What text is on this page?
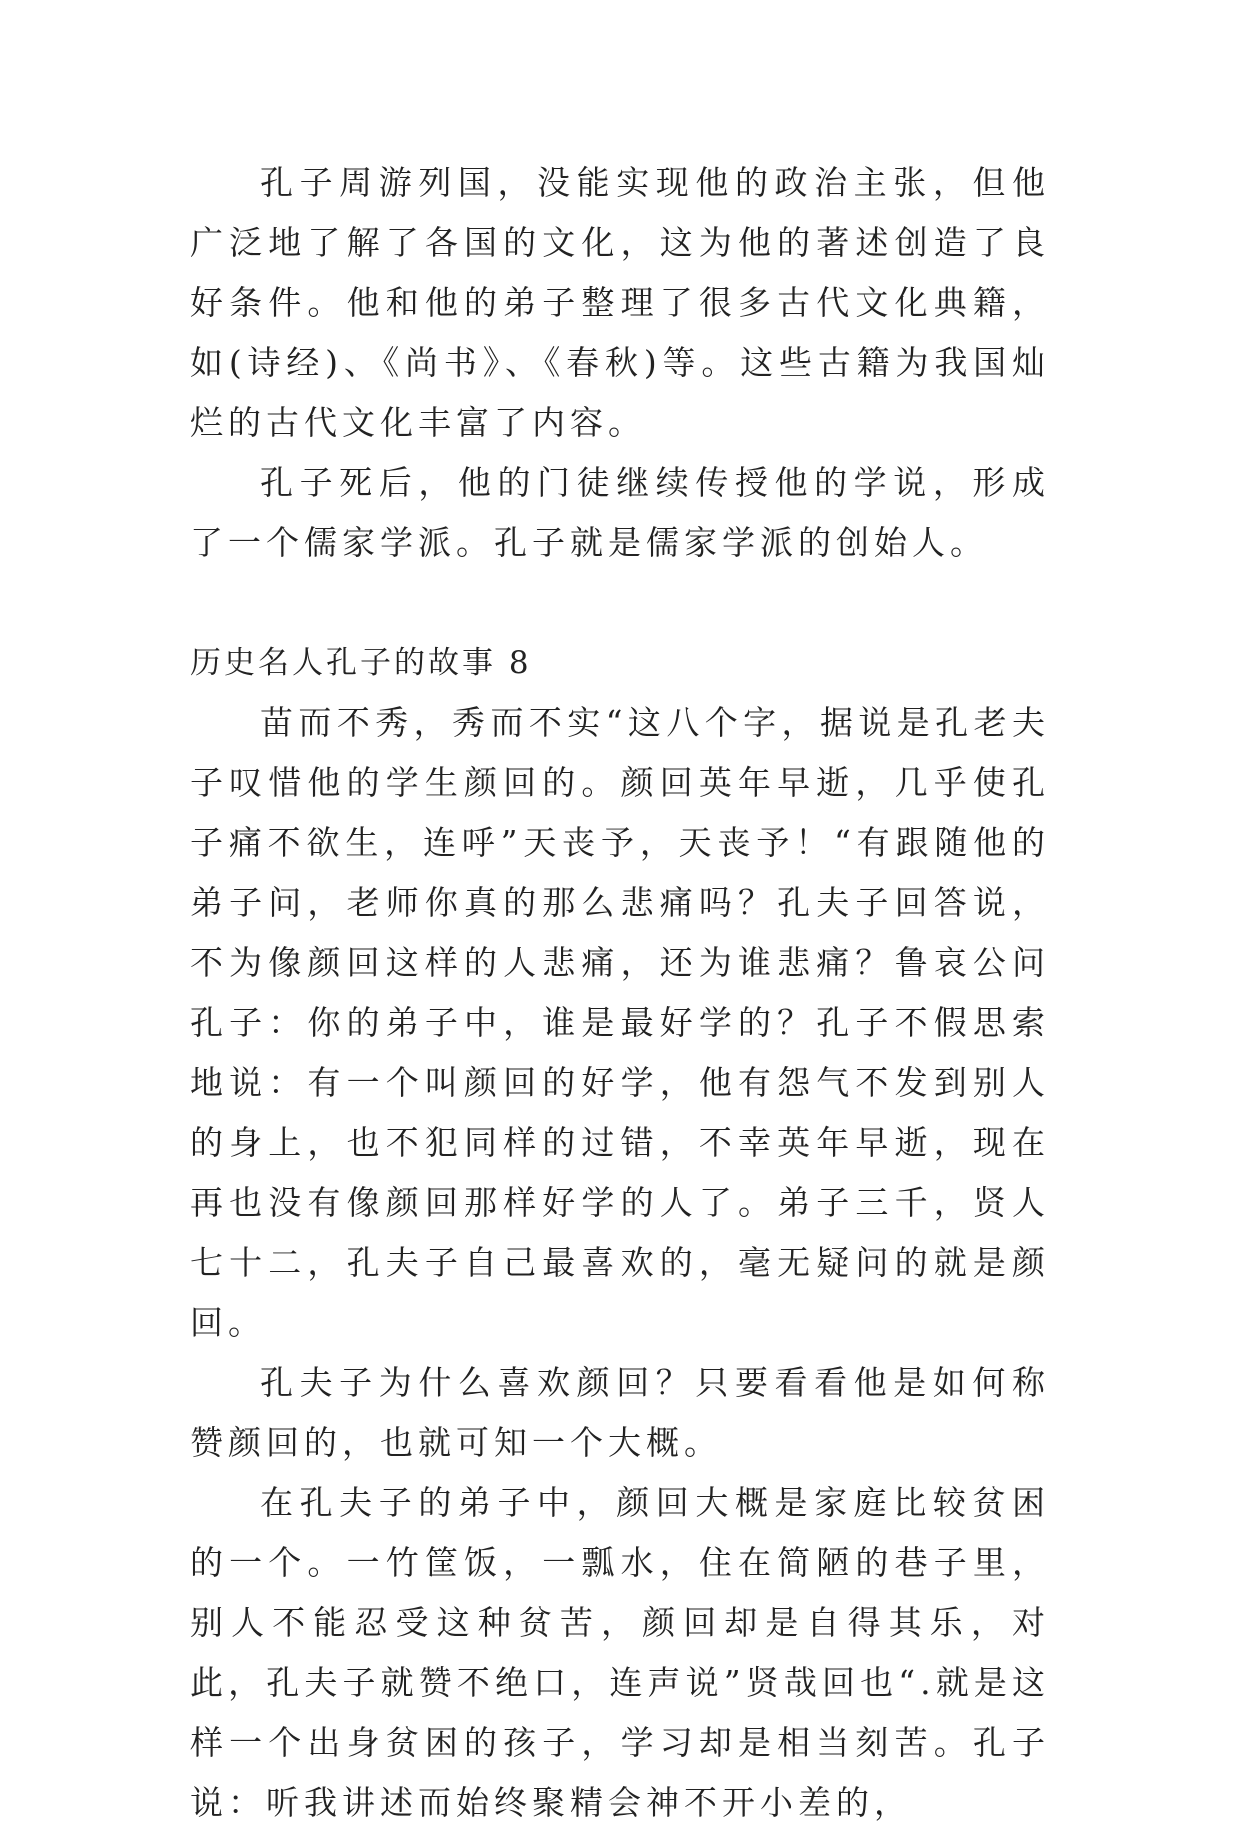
孔子周游列国，没能实现他的政治主张，但他广泛地了解了各国的文化，这为他的著述创造了良好条件。他和他的弟子整理了很多古代文化典籍，如(诗经)、《尚书》、《春秋)等。这些古籍为我国灿烂的古代文化丰富了内容。

孔子死后，他的门徒继续传授他的学说，形成了一个儒家学派。孔子就是儒家学派的创始人。

历史名人孔子的故事 8

苗而不秀，秀而不实“这八个字，据说是孔老夫子叹惜他的学生颜回的。颜回英年早逝，几乎使孔子痛不欲生，连呼”天丧予，天丧予！“有跟随他的弟子问，老师你真的那么悲痛吗？孔夫子回答说，不为像颜回这样的人悲痛，还为谁悲痛？鲁哀公问孔子：你的弟子中，谁是最好学的？孔子不假思索地说：有一个叫颜回的好学，他有怨气不发到别人的身上，也不犯同样的过错，不幸英年早逝，现在再也没有像颜回那样好学的人了。弟子三千，贤人七十二，孔夫子自己最喜欢的，毫无疑问的就是颜回。

孔夫子为什么喜欢颜回？只要看看他是如何称赞颜回的，也就可知一个大概。

在孔夫子的弟子中，颜回大概是家庭比较贫困的一个。一竹筐饭，一瓢水，住在简陋的巷子里，别人不能忍受这种贫苦，颜回却是自得其乐，对此，孔夫子就赞不绝口，连声说”贤哉回也“.就是这样一个出身贫困的孩子，学习却是相当刻苦。孔子说：听我讲述而始终聚精会神不开小差的，
